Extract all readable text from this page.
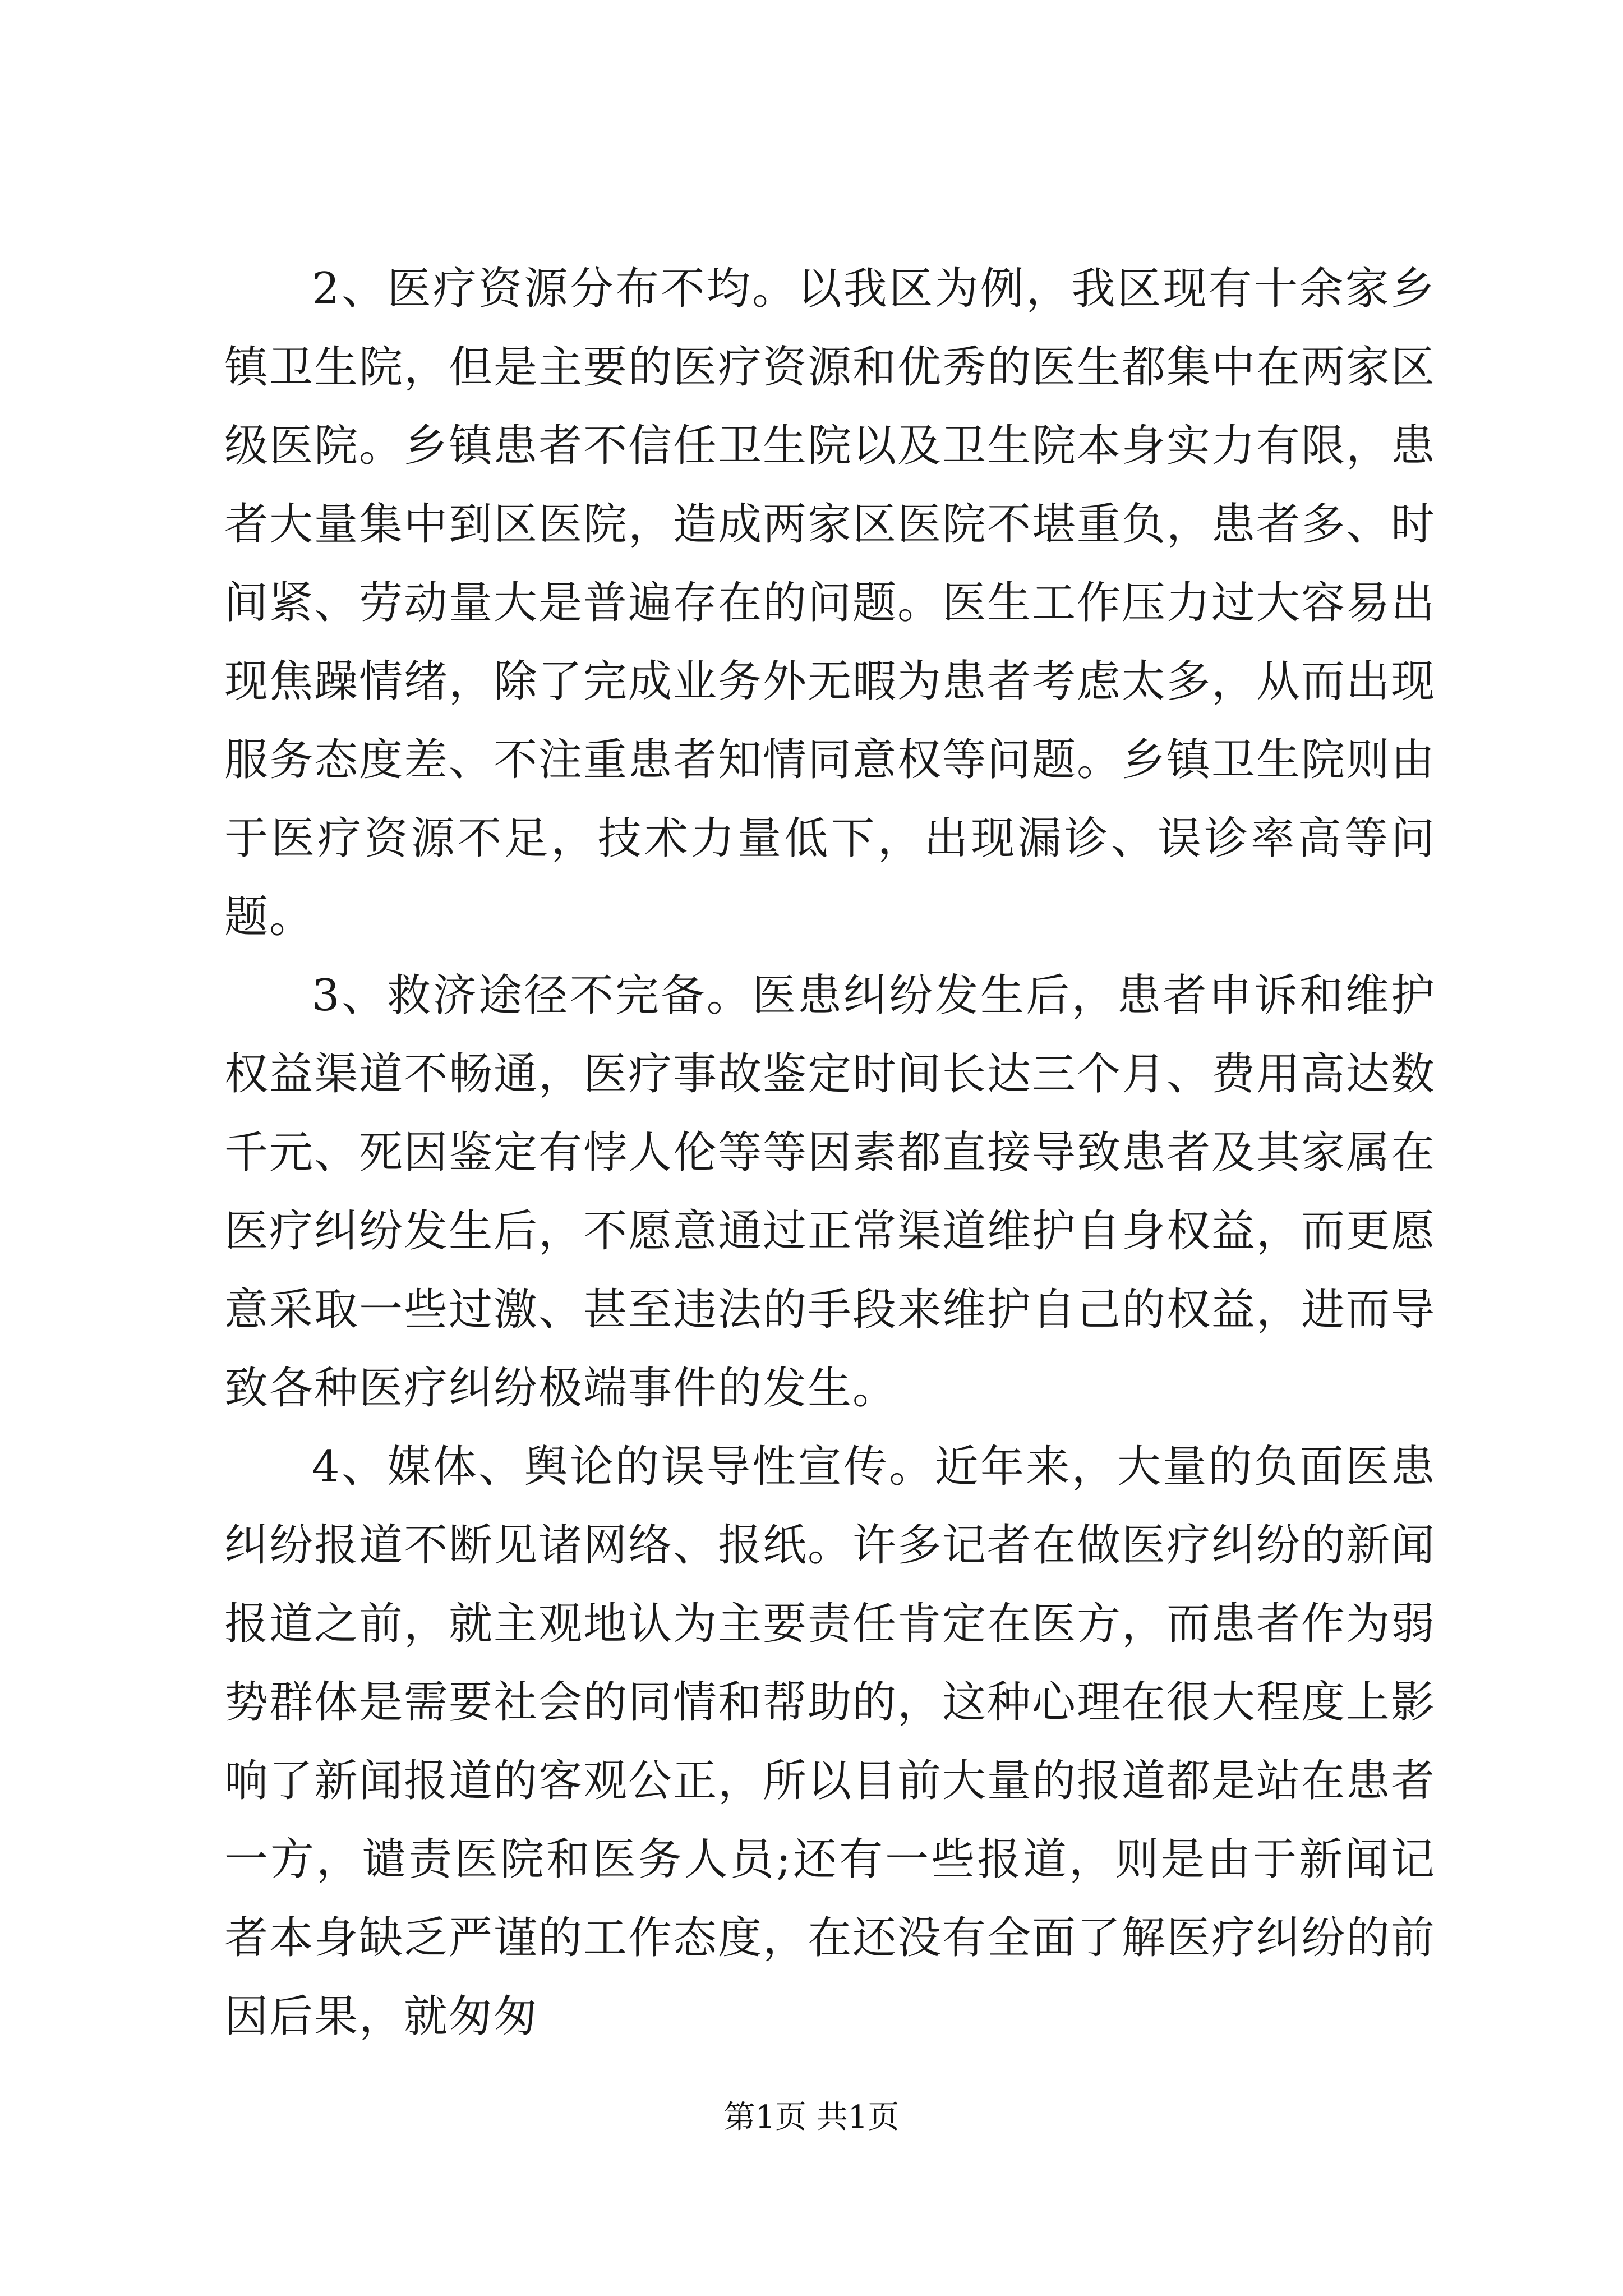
2、医疗资源分布不均。以我区为例，我区现有十余家乡镇卫生院，但是主要的医疗资源和优秀的医生都集中在两家区级医院。乡镇患者不信任卫生院以及卫生院本身实力有限，患者大量集中到区医院，造成两家区医院不堪重负，患者多、时间紧、劳动量大是普遍存在的问题。医生工作压力过大容易出现焦躁情绪，除了完成业务外无暇为患者考虑太多，从而出现服务态度差、不注重患者知情同意权等问题。乡镇卫生院则由于医疗资源不足，技术力量低下，出现漏诊、误诊率高等问题。

3、救济途径不完备。医患纠纷发生后，患者申诉和维护权益渠道不畅通，医疗事故鉴定时间长达三个月、费用高达数千元、死因鉴定有悖人伦等等因素都直接导致患者及其家属在医疗纠纷发生后，不愿意通过正常渠道维护自身权益，而更愿意采取一些过激、甚至违法的手段来维护自己的权益，进而导致各种医疗纠纷极端事件的发生。

4、媒体、舆论的误导性宣传。近年来，大量的负面医患纠纷报道不断见诸网络、报纸。许多记者在做医疗纠纷的新闻报道之前，就主观地认为主要责任肯定在医方，而患者作为弱势群体是需要社会的同情和帮助的，这种心理在很大程度上影响了新闻报道的客观公正，所以目前大量的报道都是站在患者一方，谴责医院和医务人员;还有一些报道，则是由于新闻记者本身缺乏严谨的工作态度，在还没有全面了解医疗纠纷的前因后果，就匆匆

第1页 共1页
